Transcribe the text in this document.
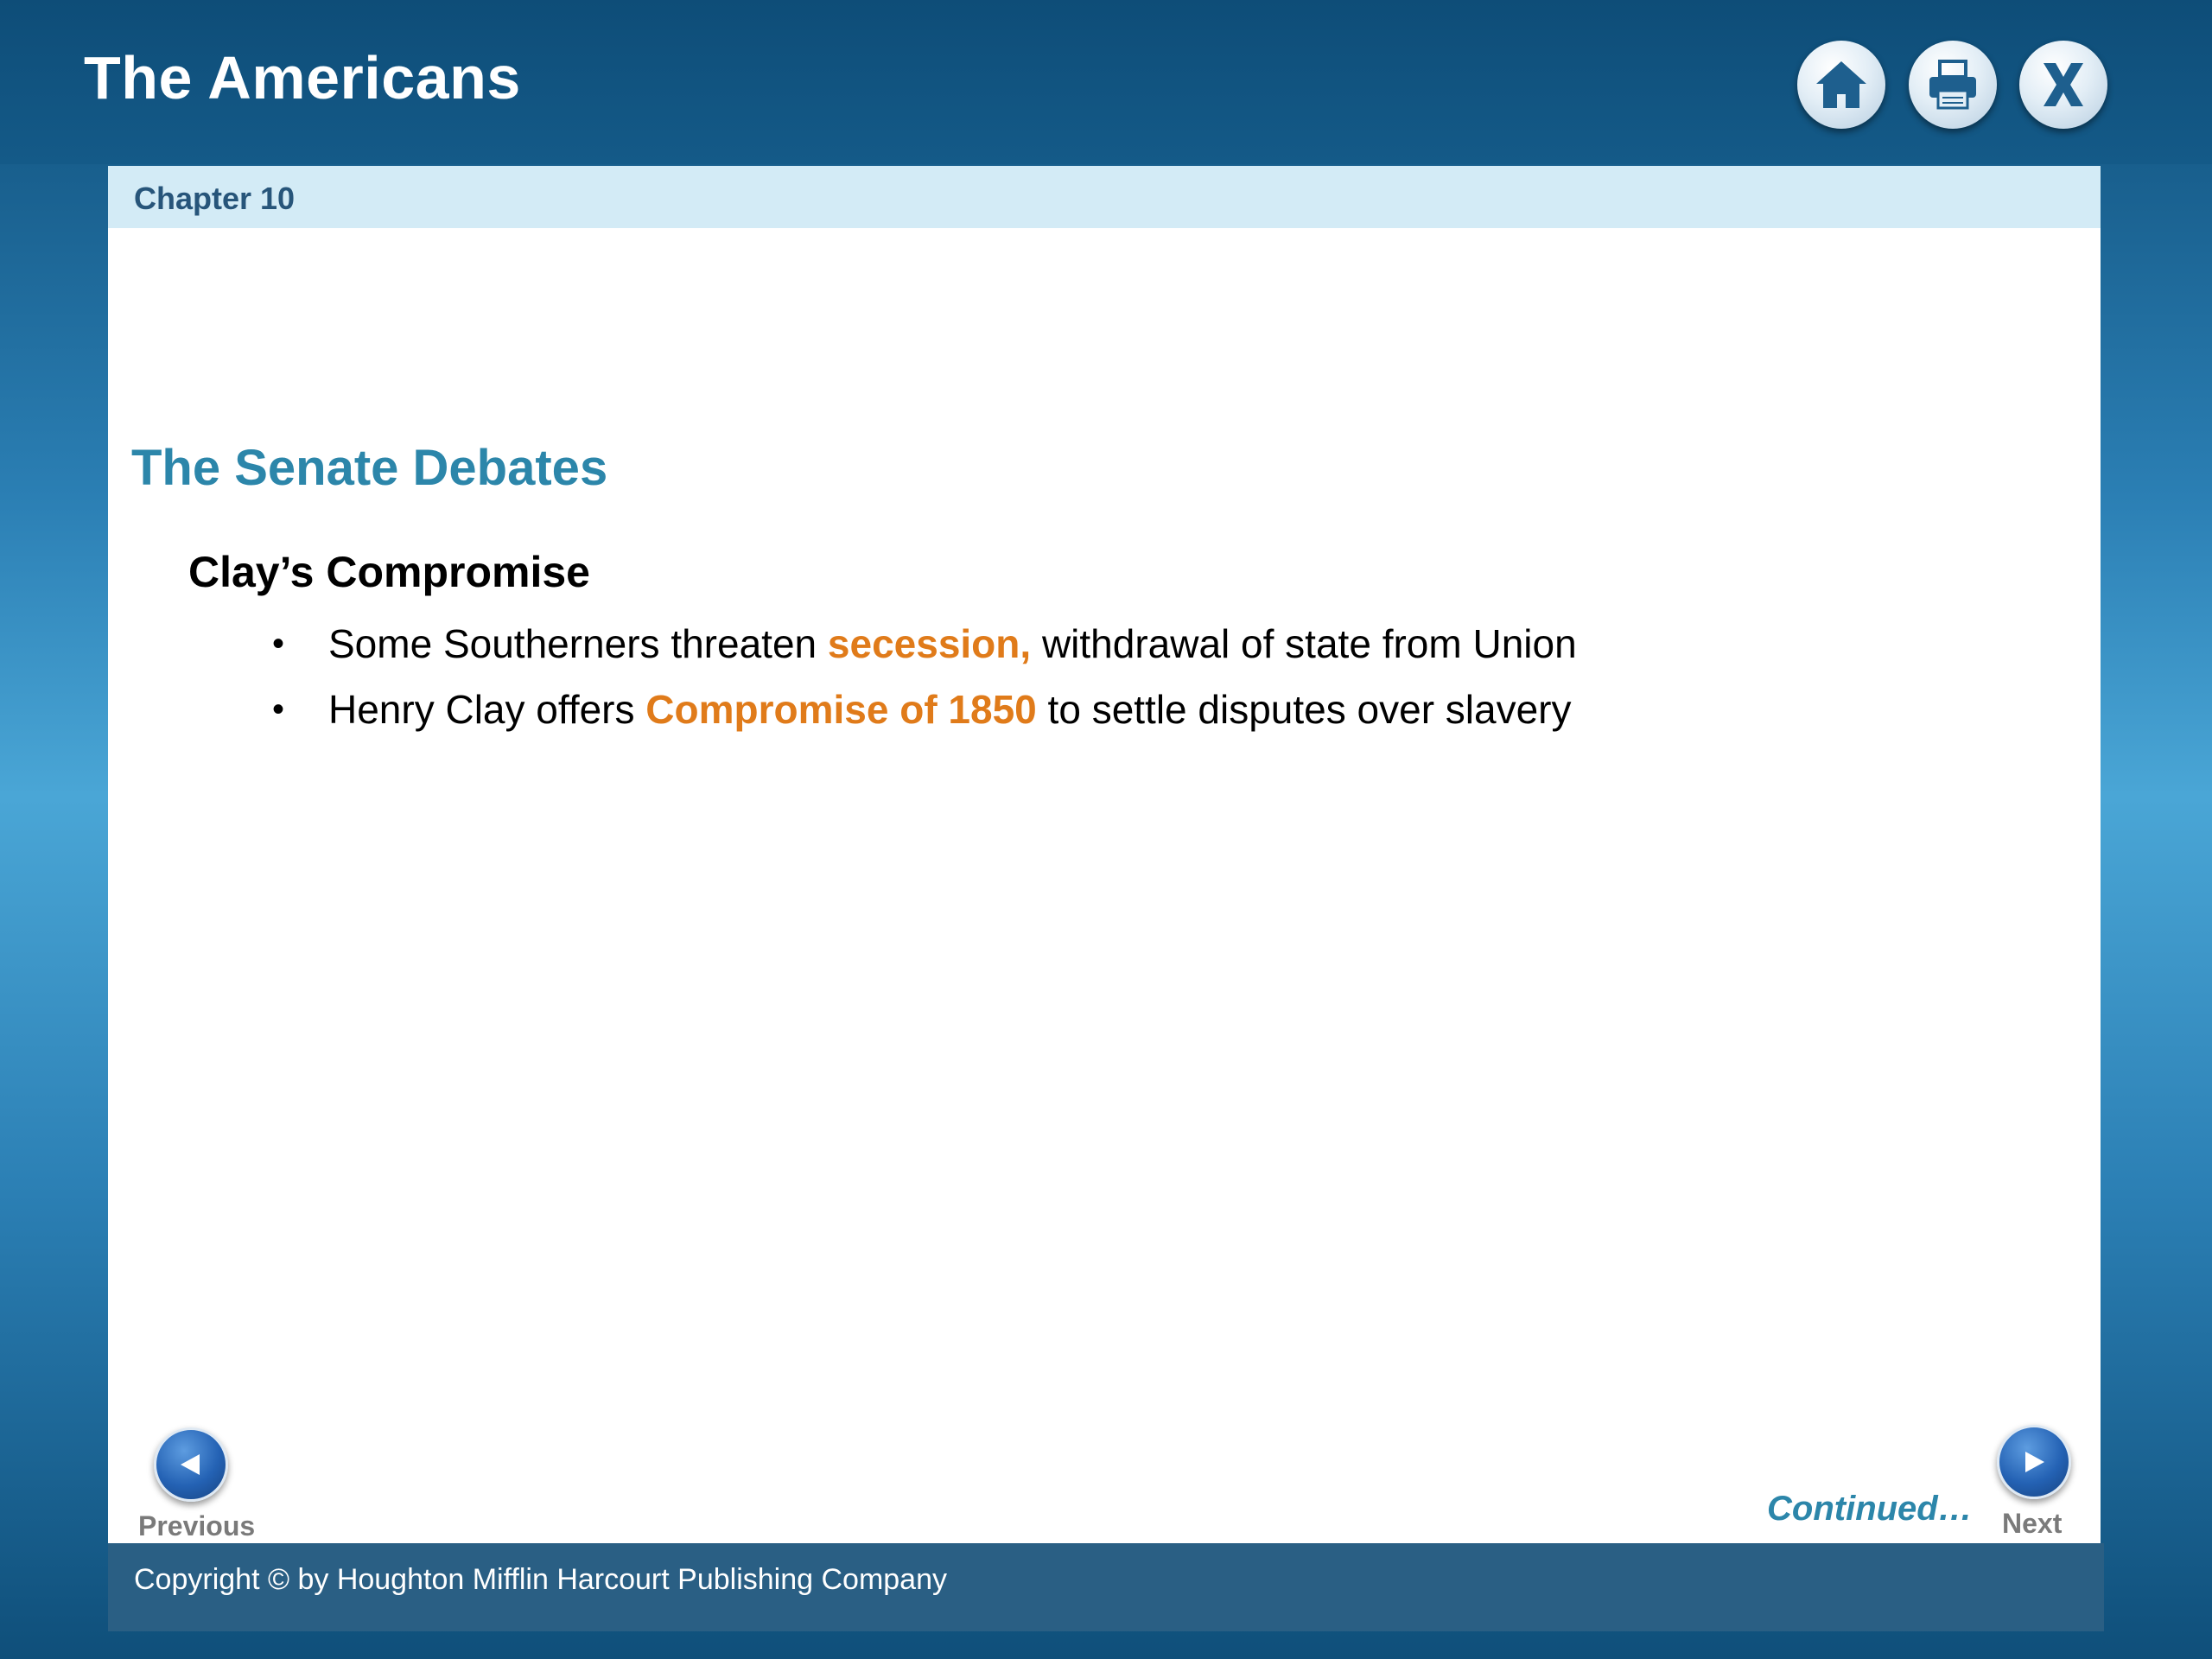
The Americans
Chapter 10
The Senate Debates
Clay’s Compromise
• Some Southerners threaten secession, withdrawal of state from Union
• Henry Clay offers Compromise of 1850 to settle disputes over slavery
Previous	Continued… Next
Copyright © by Houghton Mifflin Harcourt Publishing Company
